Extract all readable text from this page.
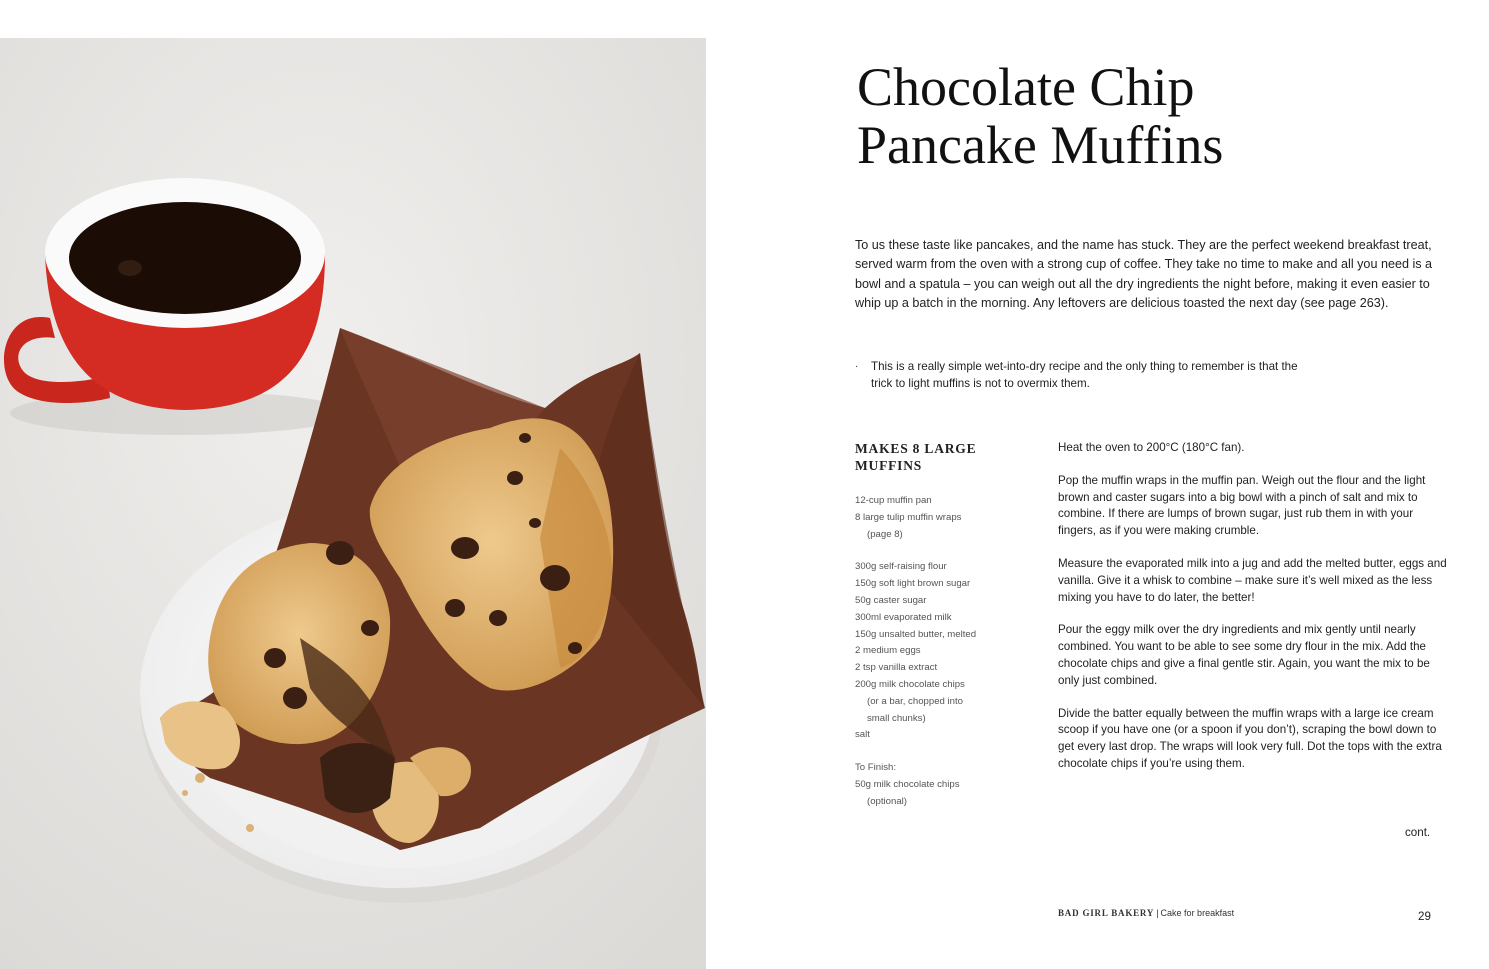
Chocolate Chip
Pancake Muffins

To us these taste like pancakes, and the name has stuck. They are the perfect weekend breakfast treat, served warm from the oven with a strong cup of coffee. They take no time to make and all you need is a bowl and a spatula – you can weigh out all the dry ingredients the night before, making it even easier to whip up a batch in the morning. Any leftovers are delicious toasted the next day (see page 263).

· This is a really simple wet-into-dry recipe and the only thing to remember is that the trick to light muffins is not to overmix them.

MAKES 8 LARGE MUFFINS
12-cup muffin pan
8 large tulip muffin wraps
(page 8)
300g self-raising flour
150g soft light brown sugar
50g caster sugar
300ml evaporated milk
150g unsalted butter, melted
2 medium eggs
2 tsp vanilla extract
200g milk chocolate chips
(or a bar, chopped into
small chunks)
salt
To Finish:
50g milk chocolate chips
(optional)

Heat the oven to 200°C (180°C fan).

Pop the muffin wraps in the muffin pan. Weigh out the flour and the light brown and caster sugars into a big bowl with a pinch of salt and mix to combine. If there are lumps of brown sugar, just rub them in with your fingers, as if you were making crumble.

Measure the evaporated milk into a jug and add the melted butter, eggs and vanilla. Give it a whisk to combine – make sure it’s well mixed as the less mixing you have to do later, the better!

Pour the eggy milk over the dry ingredients and mix gently until nearly combined. You want to be able to see some dry flour in the mix. Add the chocolate chips and give a final gentle stir. Again, you want the mix to be only just combined.

Divide the batter equally between the muffin wraps with a large ice cream scoop if you have one (or a spoon if you don’t), scraping the bowl down to get every last drop. The wraps will look very full. Dot the tops with the extra chocolate chips if you’re using them.

cont.
BAD GIRL BAKERY | Cake for breakfast	29
